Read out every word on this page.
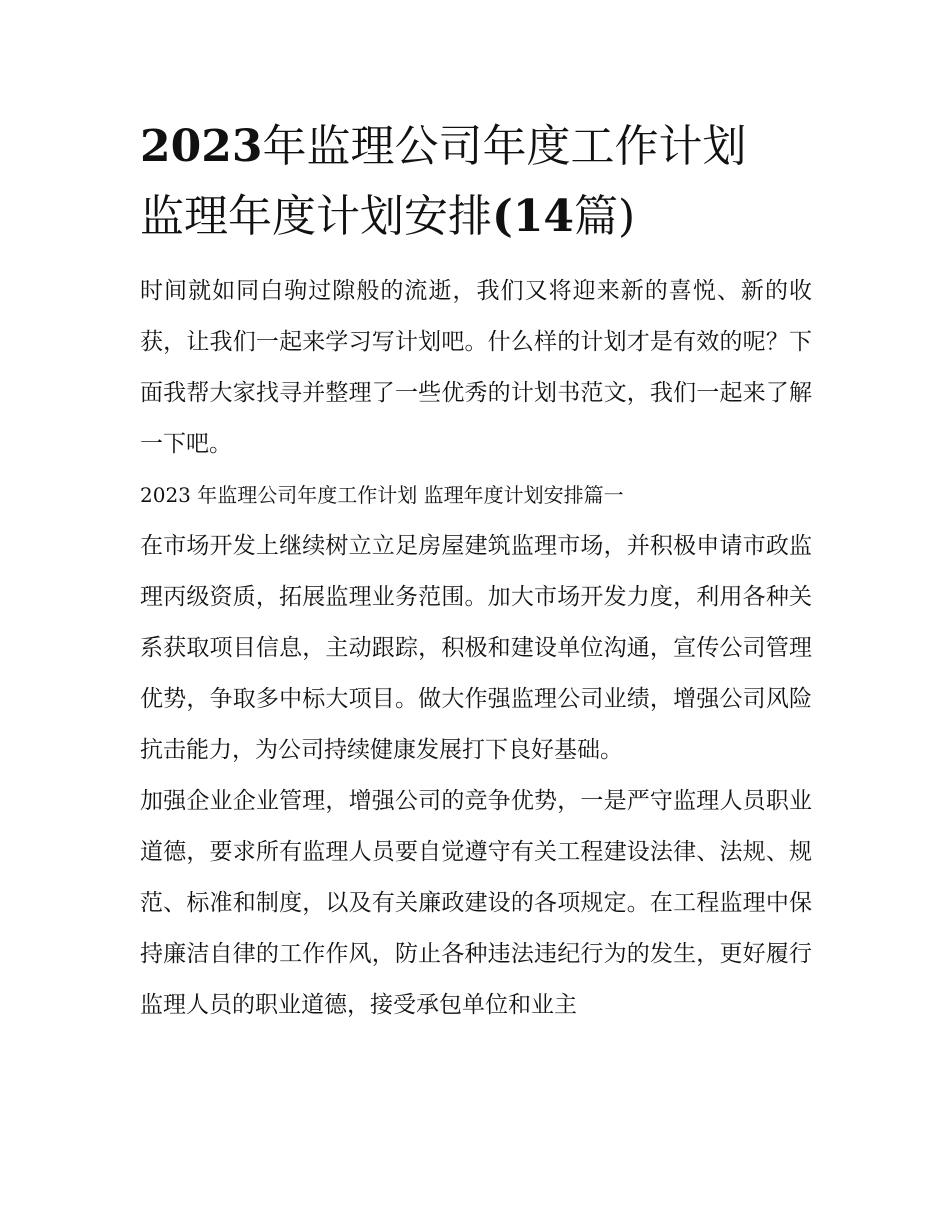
2023年监理公司年度工作计划
监理年度计划安排(14篇)

时间就如同白驹过隙般的流逝，我们又将迎来新的喜悦、新的收获，让我们一起来学习写计划吧。什么样的计划才是有效的呢？下面我帮大家找寻并整理了一些优秀的计划书范文，我们一起来了解一下吧。

2023 年监理公司年度工作计划 监理年度计划安排篇一

在市场开发上继续树立立足房屋建筑监理市场，并积极申请市政监理丙级资质，拓展监理业务范围。加大市场开发力度，利用各种关系获取项目信息，主动跟踪，积极和建设单位沟通，宣传公司管理优势，争取多中标大项目。做大作强监理公司业绩，增强公司风险抗击能力，为公司持续健康发展打下良好基础。

加强企业企业管理，增强公司的竞争优势，一是严守监理人员职业道德，要求所有监理人员要自觉遵守有关工程建设法律、法规、规范、标准和制度，以及有关廉政建设的各项规定。在工程监理中保持廉洁自律的工作作风，防止各种违法违纪行为的发生，更好履行监理人员的职业道德，接受承包单位和业主
